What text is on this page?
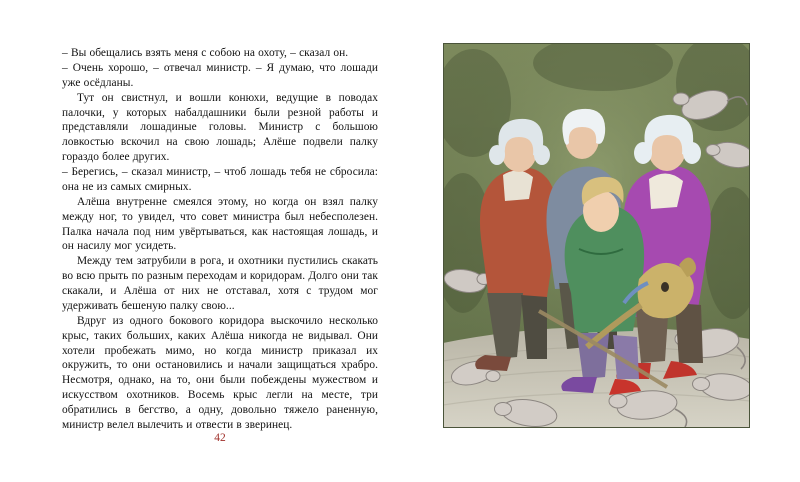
– Вы обещались взять меня с собою на охоту, – сказал он.

– Очень хорошо, – отвечал министр. – Я думаю, что лошади уже осёдланы.

Тут он свистнул, и вошли конюхи, ведущие в поводах палочки, у которых набалдашники были резной работы и представляли лошадиные головы. Министр с большою ловкостью вскочил на свою лошадь; Алёше подвели палку гораздо более других.

– Берегись, – сказал министр, – чтоб лошадь тебя не сбросила: она не из самых смирных.

Алёша внутренне смеялся этому, но когда он взял палку между ног, то увидел, что совет министра был небесполезен. Палка начала под ним увёртываться, как настоящая лошадь, и он насилу мог усидеть.

Между тем затрубили в рога, и охотники пустились скакать во всю прыть по разным переходам и коридорам. Долго они так скакали, и Алёша от них не отставал, хотя с трудом мог удерживать бешеную палку свою...

Вдруг из одного бокового коридора выскочило несколько крыс, таких больших, каких Алёша никогда не видывал. Они хотели пробежать мимо, но когда министр приказал их окружить, то они остановились и начали защищаться храбро. Несмотря, однако, на то, они были побеждены мужеством и искусством охотников. Восемь крыс легли на месте, три обратились в бегство, а одну, довольно тяжело раненную, министр велел вылечить и отвести в зверинец.

42
